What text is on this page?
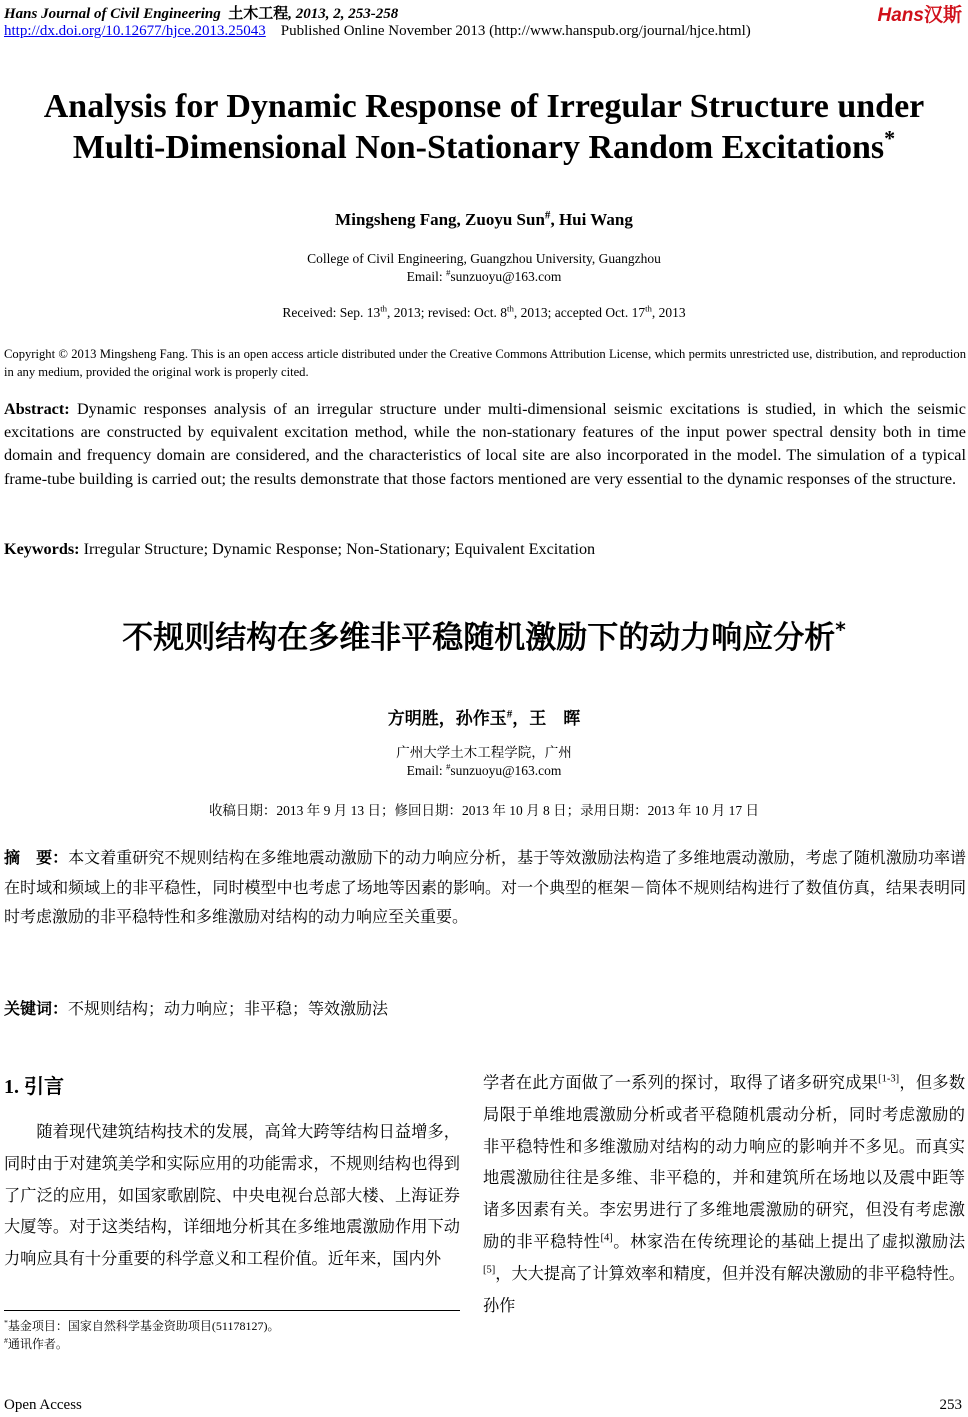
Hans Journal of Civil Engineering 土木工程, 2013, 2, 253-258
http://dx.doi.org/10.12677/hjce.2013.25043 Published Online November 2013 (http://www.hanspub.org/journal/hjce.html)
Hans汉斯
Analysis for Dynamic Response of Irregular Structure under
Multi-Dimensional Non-Stationary Random Excitations*
Mingsheng Fang, Zuoyu Sun#, Hui Wang
College of Civil Engineering, Guangzhou University, Guangzhou
Email: #sunzuoyu@163.com
Received: Sep. 13th, 2013; revised: Oct. 8th, 2013; accepted Oct. 17th, 2013
Copyright © 2013 Mingsheng Fang. This is an open access article distributed under the Creative Commons Attribution License, which permits unrestricted use, distribution, and reproduction in any medium, provided the original work is properly cited.
Abstract: Dynamic responses analysis of an irregular structure under multi-dimensional seismic excitations is studied, in which the seismic excitations are constructed by equivalent excitation method, while the non-stationary features of the input power spectral density both in time domain and frequency domain are considered, and the characteristics of local site are also incorporated in the model. The simulation of a typical frame-tube building is carried out; the results demonstrate that those factors mentioned are very essential to the dynamic responses of the structure.
Keywords: Irregular Structure; Dynamic Response; Non-Stationary; Equivalent Excitation
不规则结构在多维非平稳随机激励下的动力响应分析*
方明胜，孙作玉#，王　晖
广州大学土木工程学院，广州
Email: #sunzuoyu@163.com
收稿日期：2013 年 9 月 13 日；修回日期：2013 年 10 月 8 日；录用日期：2013 年 10 月 17 日
摘　要：本文着重研究不规则结构在多维地震动激励下的动力响应分析，基于等效激励法构造了多维地震动激励，考虑了随机激励功率谱在时域和频域上的非平稳性，同时模型中也考虑了场地等因素的影响。对一个典型的框架－筒体不规则结构进行了数值仿真，结果表明同时考虑激励的非平稳特性和多维激励对结构的动力响应至关重要。
关键词：不规则结构；动力响应；非平稳；等效激励法
1. 引言
随着现代建筑结构技术的发展，高耸大跨等结构日益增多，同时由于对建筑美学和实际应用的功能需求，不规则结构也得到了广泛的应用，如国家歌剧院、中央电视台总部大楼、上海证券大厦等。对于这类结构，详细地分析其在多维地震激励作用下动力响应具有十分重要的科学意义和工程价值。近年来，国内外
学者在此方面做了一系列的探讨，取得了诸多研究成果[1-3]，但多数局限于单维地震激励分析或者平稳随机震动分析，同时考虑激励的非平稳特性和多维激励对结构的动力响应的影响并不多见。而真实地震激励往往是多维、非平稳的，并和建筑所在场地以及震中距等诸多因素有关。李宏男进行了多维地震激励的研究，但没有考虑激励的非平稳特性[4]。林家浩在传统理论的基础上提出了虚拟激励法[5]，大大提高了计算效率和精度，但并没有解决激励的非平稳特性。孙作
*基金项目：国家自然科学基金资助项目(51178127)。
#通讯作者。
Open Access	253
